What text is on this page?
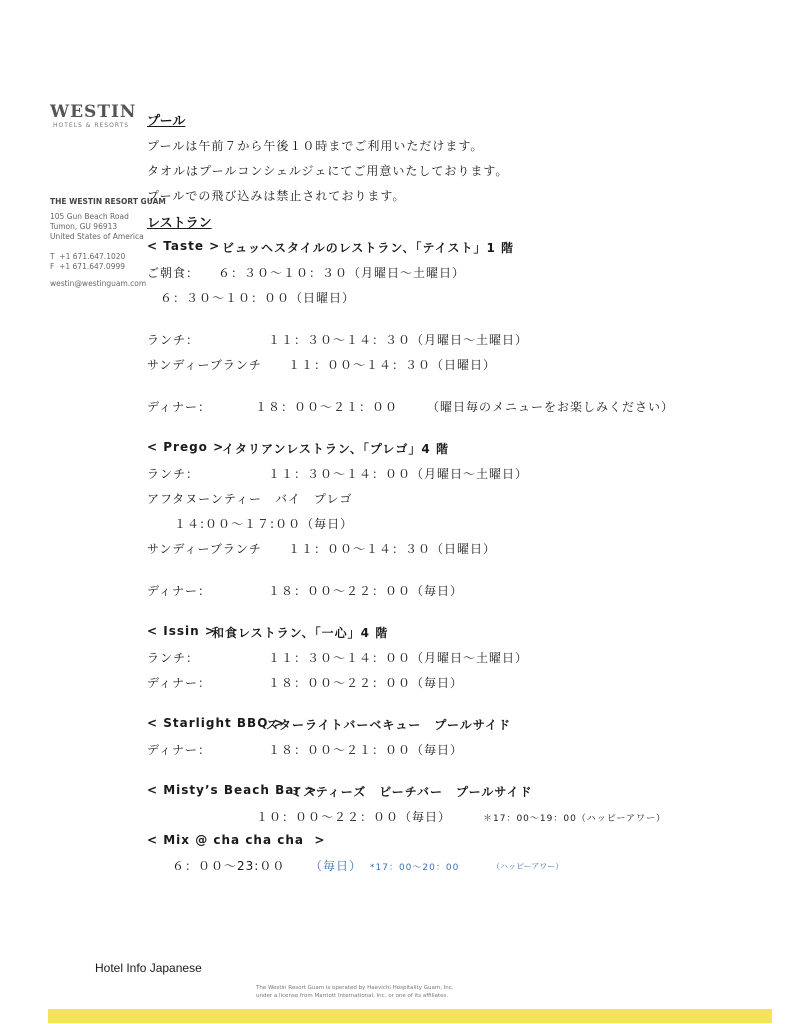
WESTIN
HOTELS & RESORTS
THE WESTIN RESORT GUAM
105 Gun Beach Road
Tumon, GU 96913
United States of America
T  +1 671.647.1020
F  +1 671.647.0999
westin@westinguam.com
プール
プールは午前７から午後１０時までご利用いただけます。
タオルはプールコンシェルジェにてご用意いたしております。
プールでの飛び込みは禁止されております。
レストラン
< Taste > ビュッヘスタイルのレストラン、「テイスト」1 階
ご朝食： ６：３０～１０：３０（月曜日～土曜日）
６：３０～１０：００（日曜日）
ランチ：	１１：３０～１４：３０（月曜日～土曜日）
サンディーブランチ １１：００～１４：３０（日曜日）
ディナー：	１８：００～２１：００ （曜日毎のメニューをお楽しみください）
< Prego >
イタリアンレストラン、「プレゴ」4 階
ランチ：	１１：３０～１４：００（月曜日～土曜日）
アフタヌーンティー　バイ　プレゴ
１４:００～１７:００（毎日）
サンディーブランチ １１：００～１４：３０（日曜日）
ディナー：	１８：００～２２：００（毎日）
< Issin >
和食レストラン、「一心」4 階
ランチ：	１１：３０～１４：００（月曜日～土曜日）
ディナー：	１８：００～２２：００（毎日）
< Starlight BBQ >
スターライトバーベキュー　プールサイド
ディナー：	１８：００～２１：００（毎日）
< Misty’s Beach Bar >
ミスティーズ　ビーチバー　プールサイド
１０：００～２２：００（毎日）	＊17：00～19：00（ハッピーアワー）
< Mix @ cha cha cha  >
６：００～23:００ （毎日） *17：00～20：00	（ハッピーアワー）
Hotel Info Japanese
The Westin Resort Guam is operated by Haevichi Hospitality Guam, Inc.
under a license from Marriott International, Inc. or one of its affiliates.
